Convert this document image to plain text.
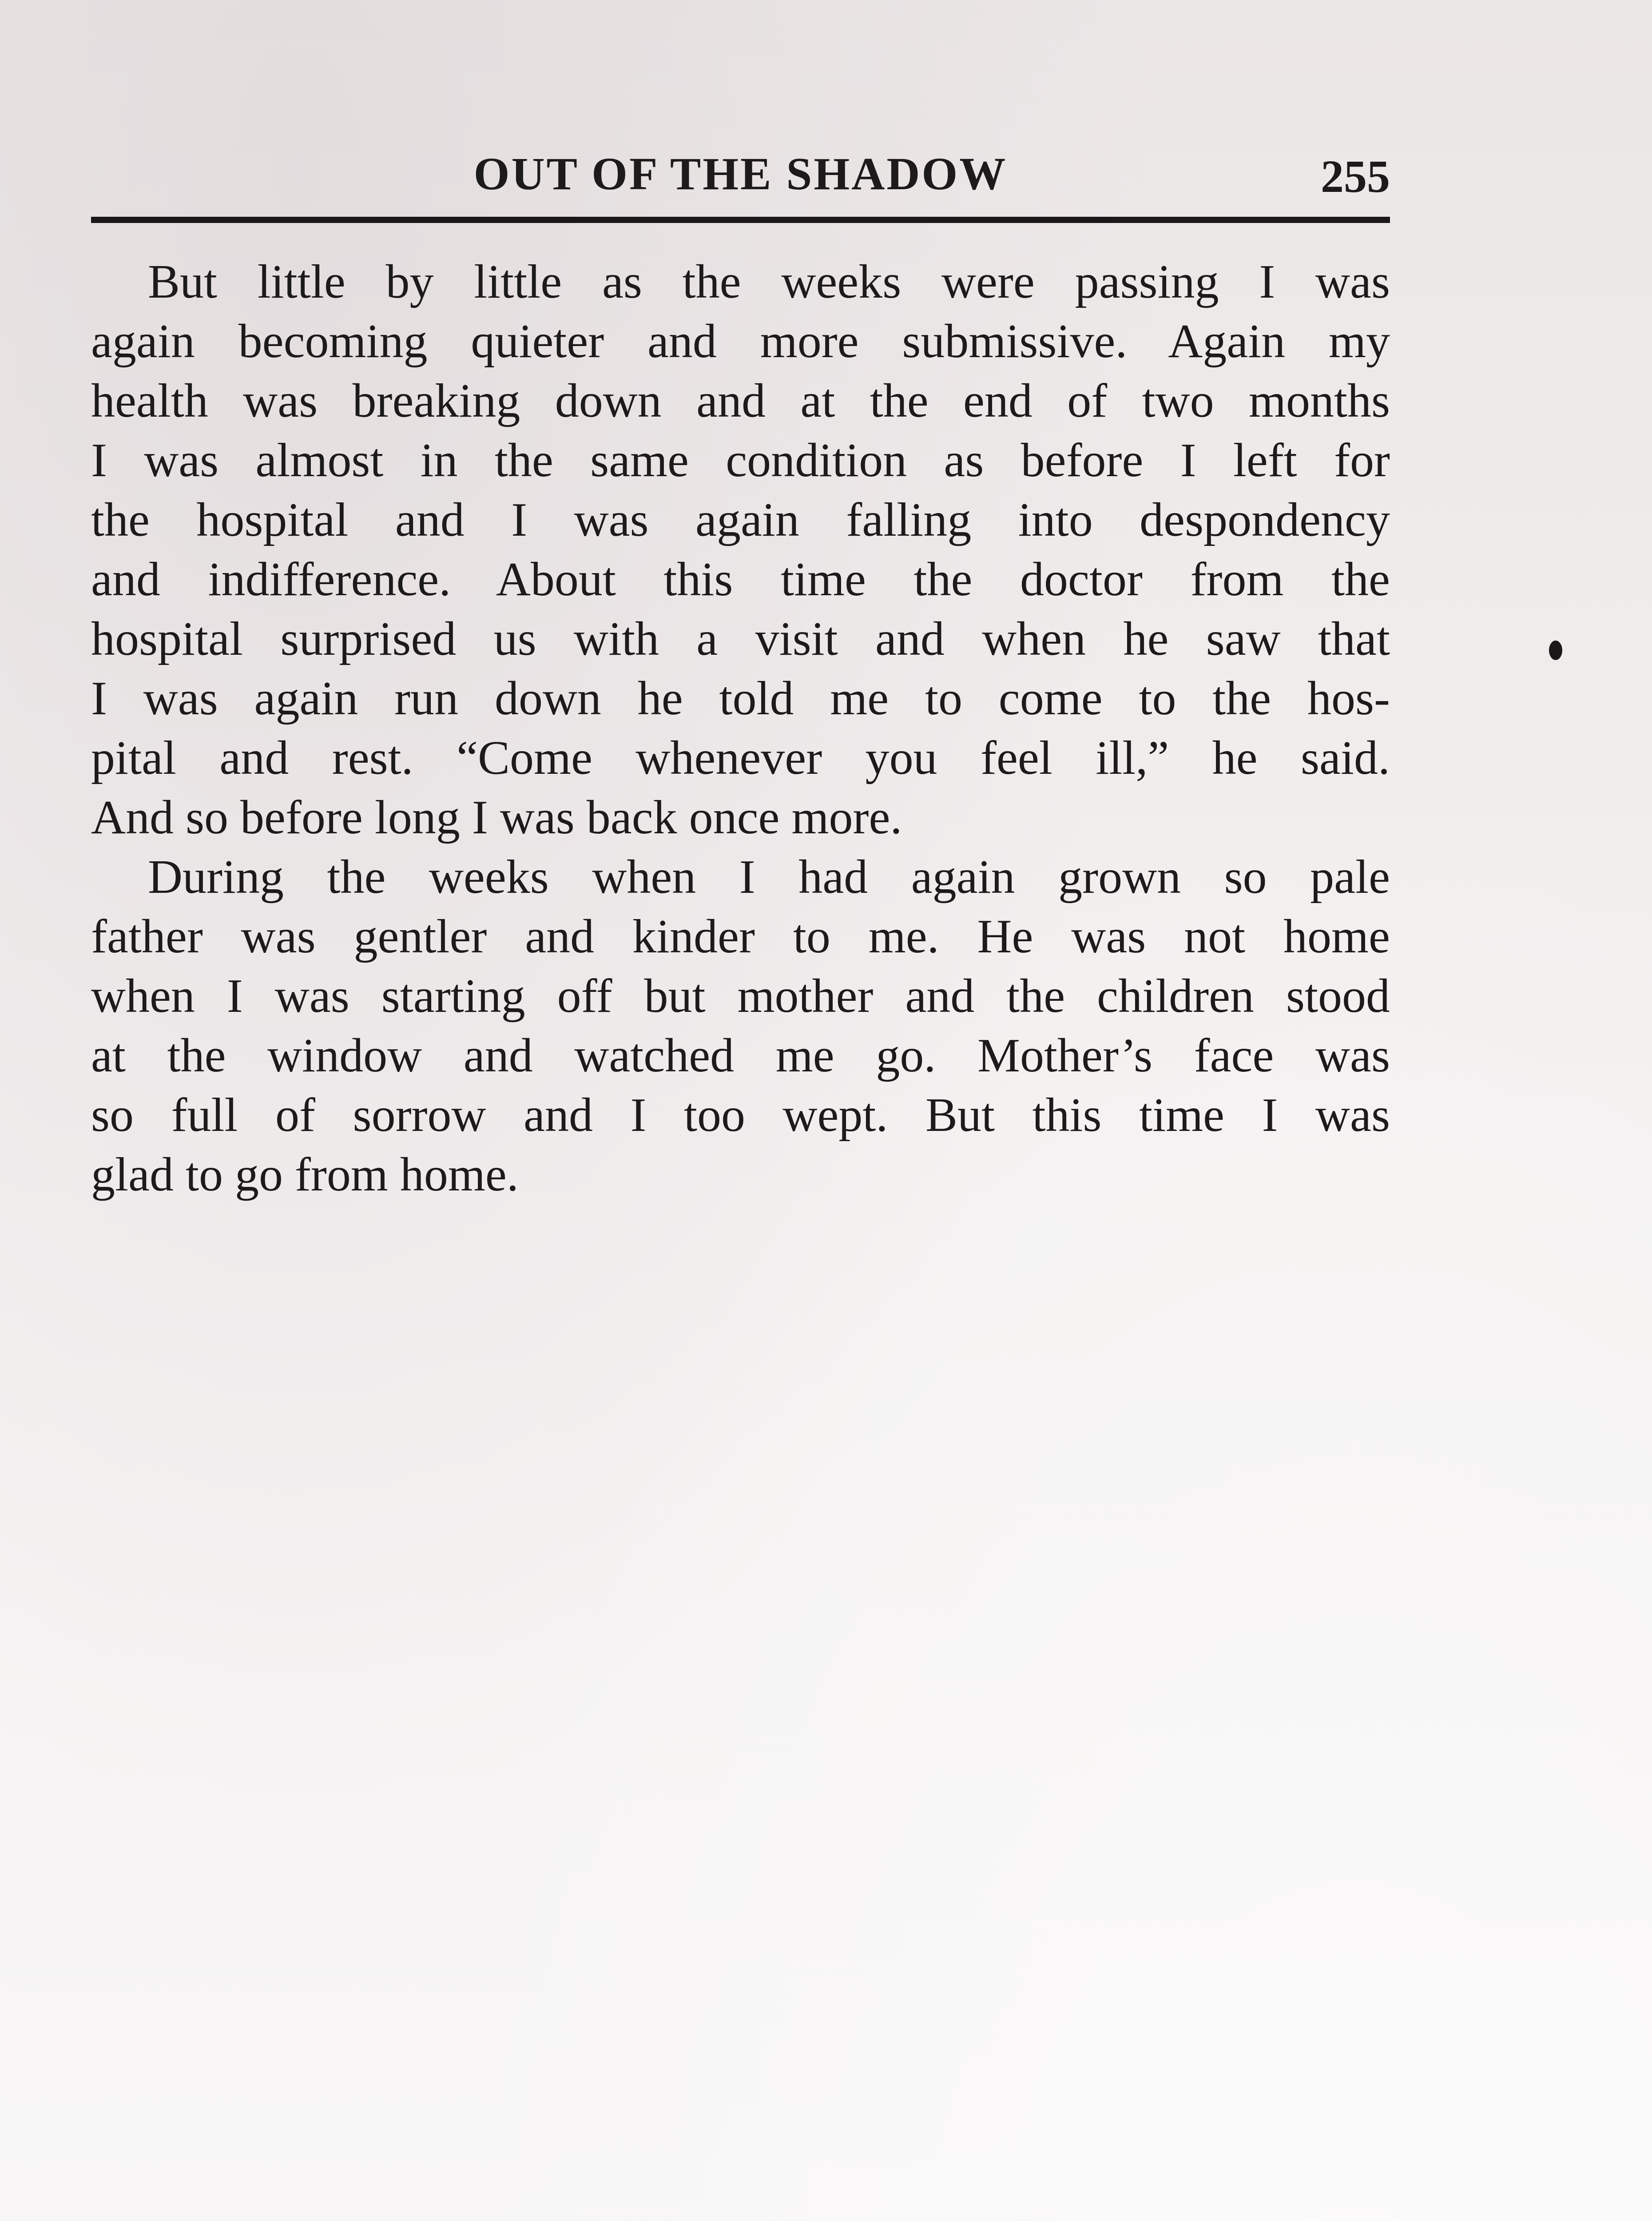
OUT OF THE SHADOW	255
But little by little as the weeks were passing I was
again becoming quieter and more submissive. Again my
health was breaking down and at the end of two months
I was almost in the same condition as before I left for
the hospital and I was again falling into despondency
and indifference. About this time the doctor from the
hospital surprised us with a visit and when he saw that
I was again run down he told me to come to the hos-
pital and rest. “Come whenever you feel ill,” he said.
And so before long I was back once more.
During the weeks when I had again grown so pale
father was gentler and kinder to me. He was not home
when I was starting off but mother and the children stood
at the window and watched me go. Mother’s face was
so full of sorrow and I too wept. But this time I was
glad to go from home.
